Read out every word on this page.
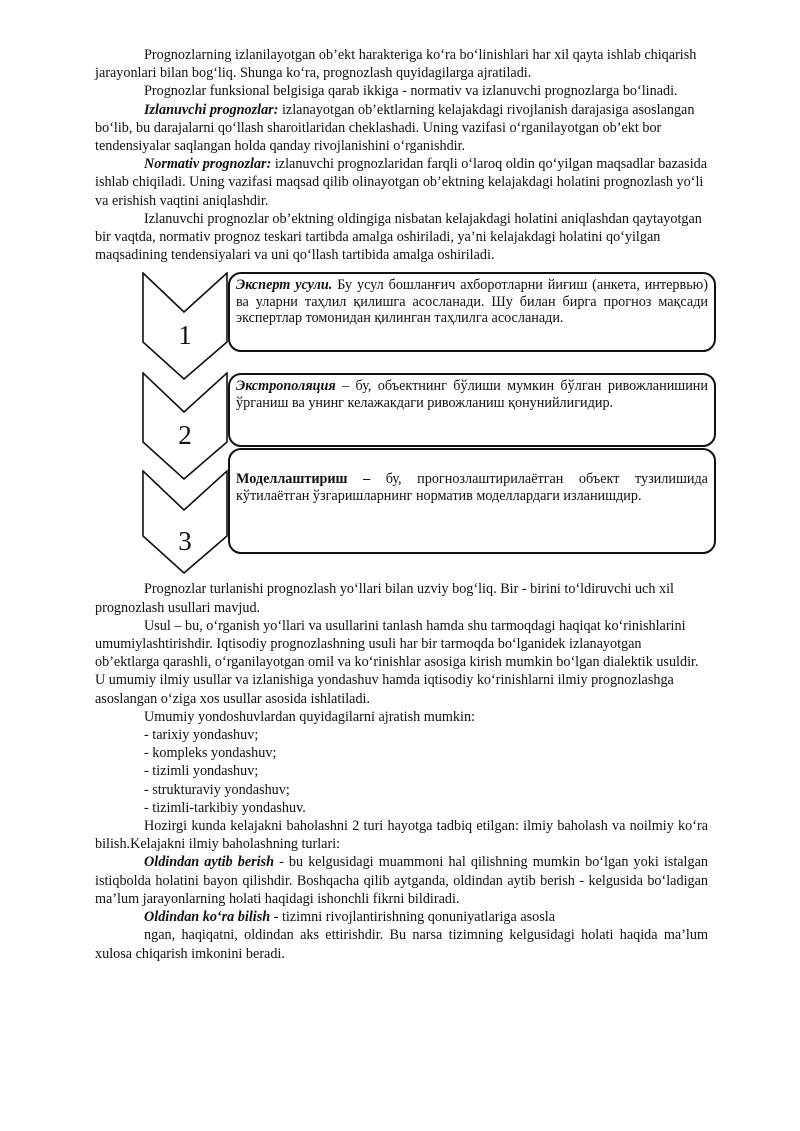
Prognozlarning izlanilayotgan ob’ekt harakteriga ko‘ra bo‘linishlari har xil qayta ishlab chiqarish jarayonlari bilan bog‘liq. Shunga ko‘ra, prognozlash quyidagilarga ajratiladi.

Prognozlar funksional belgisiga qarab ikkiga - normativ va izlanuvchi prognozlarga bo‘linadi.

Izlanuvchi prognozlar: izlanayotgan ob’ektlarning kelajakdagi rivojlanish darajasiga asoslangan bo‘lib, bu darajalarni qo‘llash sharoitlaridan cheklashadi. Uning vazifasi o‘rganilayotgan ob’ekt bor tendensiyalar saqlangan holda qanday rivojlanishini o‘rganishdir.

Normativ prognozlar: izlanuvchi prognozlaridan farqli o‘laroq oldin qo‘yilgan maqsadlar bazasida ishlab chiqiladi. Uning vazifasi maqsad qilib olinayotgan ob’ektning kelajakdagi holatini prognozlash yo‘li va erishish vaqtini aniqlashdir.

Izlanuvchi prognozlar ob’ektning oldingiga nisbatan kelajakdagi holatini aniqlashdan qaytayotgan bir vaqtda, normativ prognoz teskari tartibda amalga oshiriladi, ya’ni kelajakdagi holatini qo‘yilgan maqsadining tendensiyalari va uni qo‘llash tartibida amalga oshiriladi.

1
Эксперт усули. Бу усул бошланғич ахборотларни йиғиш (анкета, интервью) ва уларни таҳлил қилишга асосланади. Шу билан бирга прогноз мақсади экспертлар томонидан қилинган таҳлилга асосланади.
2
Экстрополяция – бу, объектнинг бўлиши мумкин бўлган ривожланишини ўрганиш ва унинг келажакдаги ривожланиш қонунийлигидир.
3
Моделлаштириш – бу, прогнозлаштирилаётган объект тузилишида кўтилаётган ўзгаришларнинг норматив моделлардаги изланишдир.

Prognozlar turlanishi prognozlash yo‘llari bilan uzviy bog‘liq. Bir - birini to‘ldiruvchi uch xil prognozlash usullari mavjud.

Usul – bu, o‘rganish yo‘llari va usullarini tanlash hamda shu tarmoqdagi haqiqat ko‘rinishlarini umumiylashtirishdir. Iqtisodiy prognozlashning usuli har bir tarmoqda bo‘lganidek izlanayotgan ob’ektlarga qarashli, o‘rganilayotgan omil va ko‘rinishlar asosiga kirish mumkin bo‘lgan dialektik usuldir. U umumiy ilmiy usullar va izlanishiga yondashuv hamda iqtisodiy ko‘rinishlarni ilmiy prognozlashga asoslangan o‘ziga xos usullar asosida ishlatiladi.

Umumiy yondoshuvlardan quyidagilarni ajratish mumkin:

- tarixiy yondashuv;
- kompleks yondashuv;
- tizimli yondashuv;
- strukturaviy yondashuv;
- tizimli-tarkibiy yondashuv.

Hozirgi kunda kelajakni baholashni 2 turi hayotga tadbiq etilgan: ilmiy baholash va noilmiy ko‘ra bilish.Kelajakni ilmiy baholashning turlari:

Oldindan aytib berish - bu kelgusidagi muammoni hal qilishning mumkin bo‘lgan yoki istalgan istiqbolda holatini bayon qilishdir. Boshqacha qilib aytganda, oldindan aytib berish - kelgusida bo‘ladigan ma’lum jarayonlarning holati haqidagi ishonchli fikrni bildiradi.

Oldindan ko‘ra bilish - tizimni rivojlantirishning qonuniyatlariga asosla

ngan, haqiqatni, oldindan aks ettirishdir. Bu narsa tizimning kelgusidagi holati haqida ma’lum xulosa chiqarish imkonini beradi.
